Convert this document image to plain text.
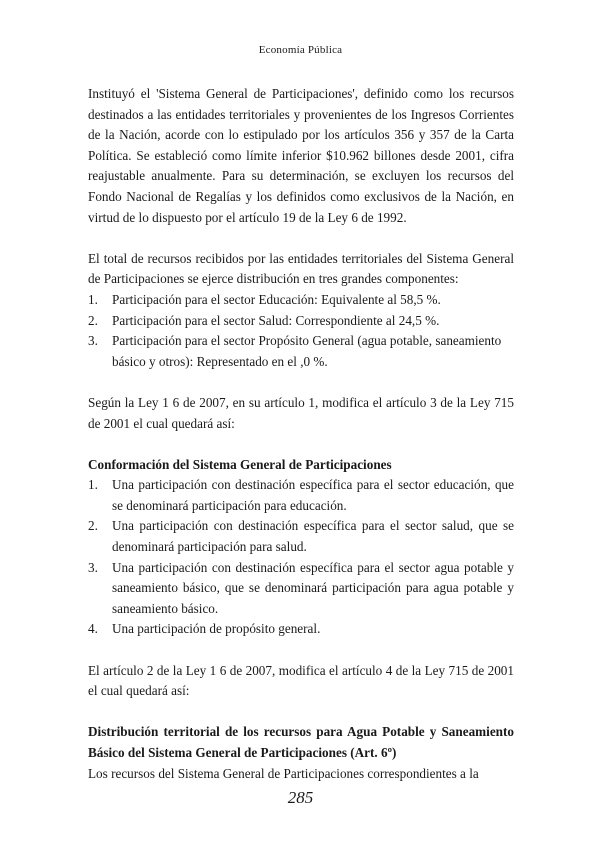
Economía Pública

Instituyó el 'Sistema General de Participaciones', definido como los recursos destinados a las entidades territoriales y provenientes de los Ingresos Corrientes de la Nación, acorde con lo estipulado por los artículos 356 y 357 de la Carta Política. Se estableció como límite inferior $10.962 billones desde 2001, cifra reajustable anualmente. Para su determinación, se excluyen los recursos del Fondo Nacional de Regalías y los definidos como exclusivos de la Nación, en virtud de lo dispuesto por el artículo 19 de la Ley 6 de 1992.

El total de recursos recibidos por las entidades territoriales del Sistema General de Participaciones se ejerce distribución en tres grandes componentes:

1. Participación para el sector Educación: Equivalente al 58,5 %.
2. Participación para el sector Salud: Correspondiente al 24,5 %.
3. Participación para el sector Propósito General (agua potable, saneamiento básico y otros): Representado en el ,0 %.

Según la Ley 1 6 de 2007, en su artículo 1, modifica el artículo 3 de la Ley 715 de 2001 el cual quedará así:

Conformación del Sistema General de Participaciones

1. Una participación con destinación específica para el sector educación, que se denominará participación para educación.
2. Una participación con destinación específica para el sector salud, que se denominará participación para salud.
3. Una participación con destinación específica para el sector agua potable y saneamiento básico, que se denominará participación para agua potable y saneamiento básico.
4. Una participación de propósito general.

El artículo 2 de la Ley 1 6 de 2007, modifica el artículo 4 de la Ley 715 de 2001 el cual quedará así:

Distribución territorial de los recursos para Agua Potable y Saneamiento Básico del Sistema General de Participaciones (Art. 6º)

Los recursos del Sistema General de Participaciones correspondientes a la

285
